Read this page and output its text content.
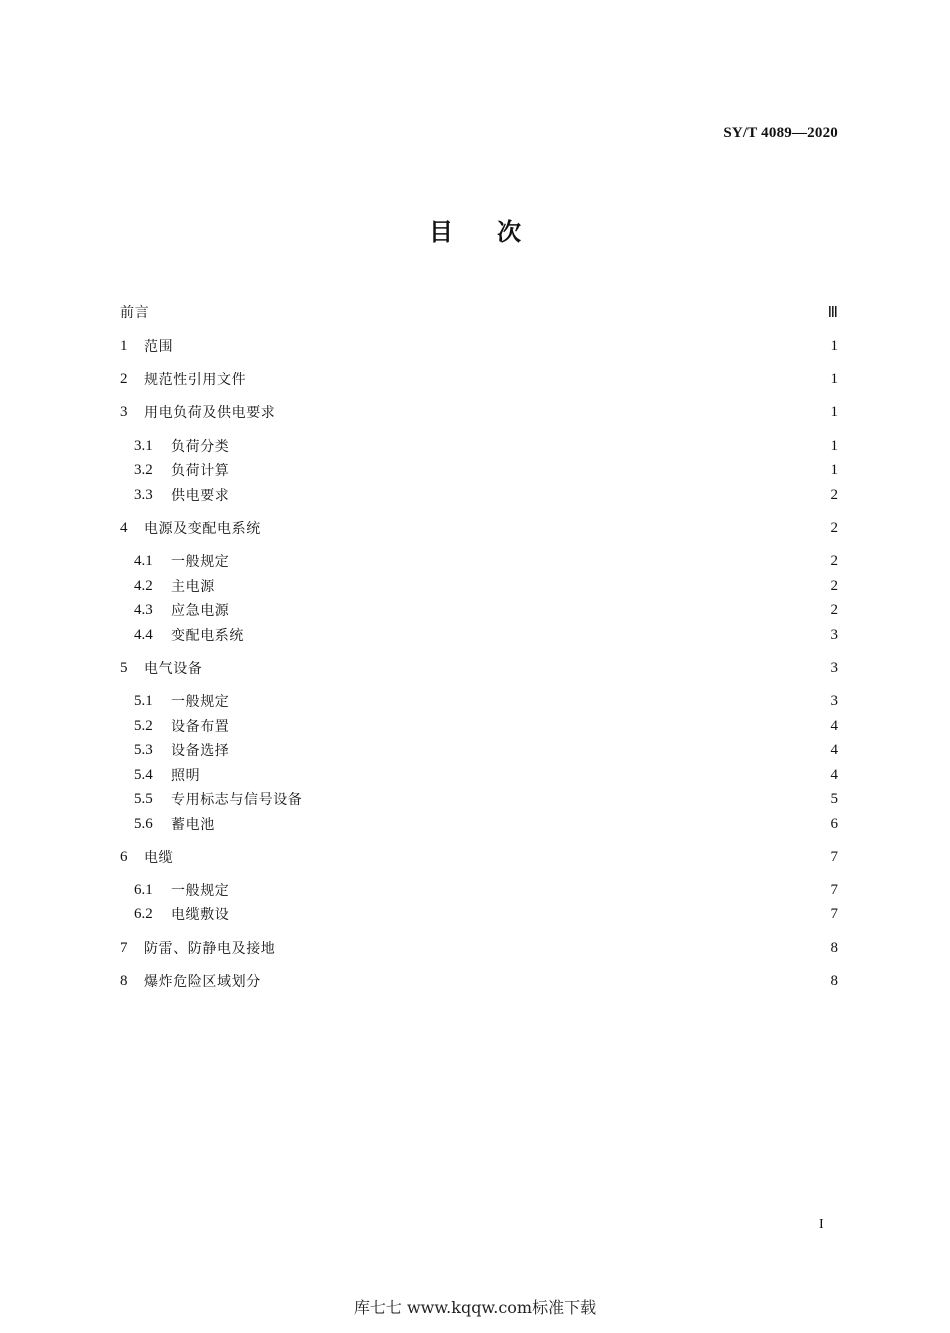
SY/T 4089—2020
目次
前言	Ⅲ
1	范围	1
2	规范性引用文件	1
3	用电负荷及供电要求	1
3.1	负荷分类	1
3.2	负荷计算	1
3.3	供电要求	2
4	电源及变配电系统	2
4.1	一般规定	2
4.2	主电源	2
4.3	应急电源	2
4.4	变配电系统	3
5	电气设备	3
5.1	一般规定	3
5.2	设备布置	4
5.3	设备选择	4
5.4	照明	4
5.5	专用标志与信号设备	5
5.6	蓄电池	6
6	电缆	7
6.1	一般规定	7
6.2	电缆敷设	7
7	防雷、防静电及接地	8
8	爆炸危险区域划分	8
I
库七七 www.kqqw.com标准下载
